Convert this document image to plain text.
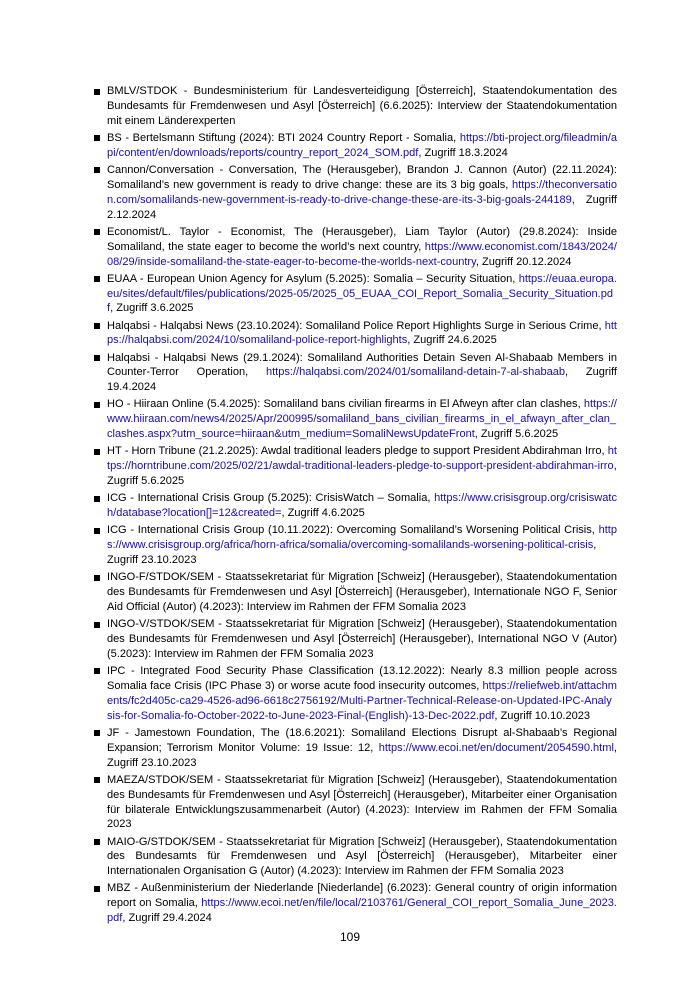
BMLV/STDOK - Bundesministerium für Landesverteidigung [Österreich], Staatendokumentation des Bundesamts für Fremdenwesen und Asyl [Österreich] (6.6.2025): Interview der Staatendokumentation mit einem Länderexperten
BS - Bertelsmann Stiftung (2024): BTI 2024 Country Report - Somalia, https://bti-project.org/fileadmin/api/content/en/downloads/reports/country_report_2024_SOM.pdf, Zugriff 18.3.2024
Cannon/Conversation - Conversation, The (Herausgeber), Brandon J. Cannon (Autor) (22.11.2024): Somaliland’s new government is ready to drive change: these are its 3 big goals, https://theconversation.com/somalilands-new-government-is-ready-to-drive-change-these-are-its-3-big-goals-244189, Zugriff 2.12.2024
Economist/L. Taylor - Economist, The (Herausgeber), Liam Taylor (Autor) (29.8.2024): Inside Somaliland, the state eager to become the world’s next country, https://www.economist.com/1843/2024/08/29/inside-somaliland-the-state-eager-to-become-the-worlds-next-country, Zugriff 20.12.2024
EUAA - European Union Agency for Asylum (5.2025): Somalia – Security Situation, https://euaa.europa.eu/sites/default/files/publications/2025-05/2025_05_EUAA_COI_Report_Somalia_Security_Situation.pdf, Zugriff 3.6.2025
Halqabsi - Halqabsi News (23.10.2024): Somaliland Police Report Highlights Surge in Serious Crime, https://halqabsi.com/2024/10/somaliland-police-report-highlights, Zugriff 24.6.2025
Halqabsi - Halqabsi News (29.1.2024): Somaliland Authorities Detain Seven Al-Shabaab Members in Counter-Terror Operation, https://halqabsi.com/2024/01/somaliland-detain-7-al-shabaab, Zugriff 19.4.2024
HO - Hiiraan Online (5.4.2025): Somaliland bans civilian firearms in El Afweyn after clan clashes, https://www.hiiraan.com/news4/2025/Apr/200995/somaliland_bans_civilian_firearms_in_el_afwayn_after_clan_clashes.aspx?utm_source=hiiraan&utm_medium=SomaliNewsUpdateFront, Zugriff 5.6.2025
HT - Horn Tribune (21.2.2025): Awdal traditional leaders pledge to support President Abdirahman Irro, https://horntribune.com/2025/02/21/awdal-traditional-leaders-pledge-to-support-president-abdirahman-irro, Zugriff 5.6.2025
ICG - International Crisis Group (5.2025): CrisisWatch – Somalia, https://www.crisisgroup.org/crisiswatch/database?location[]=12&created=, Zugriff 4.6.2025
ICG - International Crisis Group (10.11.2022): Overcoming Somaliland’s Worsening Political Crisis, https://www.crisisgroup.org/africa/horn-africa/somalia/overcoming-somalilands-worsening-political-crisis, Zugriff 23.10.2023
INGO-F/STDOK/SEM - Staatssekretariat für Migration [Schweiz] (Herausgeber), Staatendokumentation des Bundesamts für Fremdenwesen und Asyl [Österreich] (Herausgeber), Internationale NGO F, Senior Aid Official (Autor) (4.2023): Interview im Rahmen der FFM Somalia 2023
INGO-V/STDOK/SEM - Staatssekretariat für Migration [Schweiz] (Herausgeber), Staatendokumentation des Bundesamts für Fremdenwesen und Asyl [Österreich] (Herausgeber), International NGO V (Autor) (5.2023): Interview im Rahmen der FFM Somalia 2023
IPC - Integrated Food Security Phase Classification (13.12.2022): Nearly 8.3 million people across Somalia face Crisis (IPC Phase 3) or worse acute food insecurity outcomes, https://reliefweb.int/attachments/fc2d405c-ca29-4526-ad96-6618c2756192/Multi-Partner-Technical-Release-on-Updated-IPC-Analysis-for-Somalia-fo-October-2022-to-June-2023-Final-(English)-13-Dec-2022.pdf, Zugriff 10.10.2023
JF - Jamestown Foundation, The (18.6.2021): Somaliland Elections Disrupt al-Shabaab’s Regional Expansion; Terrorism Monitor Volume: 19 Issue: 12, https://www.ecoi.net/en/document/2054590.html, Zugriff 23.10.2023
MAEZA/STDOK/SEM - Staatssekretariat für Migration [Schweiz] (Herausgeber), Staatendokumentation des Bundesamts für Fremdenwesen und Asyl [Österreich] (Herausgeber), Mitarbeiter einer Organisation für bilaterale Entwicklungszusammenarbeit (Autor) (4.2023): Interview im Rahmen der FFM Somalia 2023
MAIO-G/STDOK/SEM - Staatssekretariat für Migration [Schweiz] (Herausgeber), Staatendokumentation des Bundesamts für Fremdenwesen und Asyl [Österreich] (Herausgeber), Mitarbeiter einer Internationalen Organisation G (Autor) (4.2023): Interview im Rahmen der FFM Somalia 2023
MBZ - Außenministerium der Niederlande [Niederlande] (6.2023): General country of origin information report on Somalia, https://www.ecoi.net/en/file/local/2103761/General_COI_report_Somalia_June_2023.pdf, Zugriff 29.4.2024
109
